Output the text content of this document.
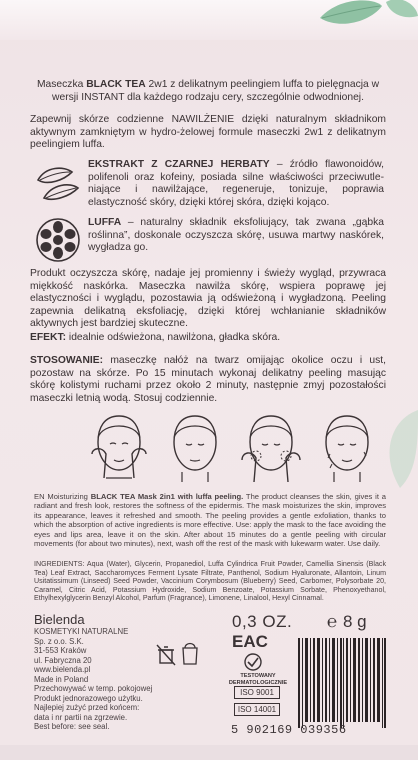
Maseczka BLACK TEA 2w1 z delikatnym peelingiem luffa to pielęgnacja w wersji INSTANT dla każdego rodzaju cery, szczególnie odwodnionej.
Zapewnij skórze codzienne NAWILŻENIE dzięki naturalnym składnikom aktywnym zamkniętym w hydro-żelowej formule maseczki 2w1 z delikatnym peelingiem luffa.
EKSTRAKT Z CZARNEJ HERBATY – źródło flawonoidów, polifenoli oraz kofeiny, posiada silne właściwości przeciwutle-niające i nawilżające, regeneruje, tonizuje, poprawia elastyczność skóry, dzięki której skóra, dzięki kojąco.
LUFFA – naturalny składnik eksfoliujący, tak zwana „gąbka roślinna”, doskonale oczyszcza skórę, usuwa martwy naskórek, wygładza go.
Produkt oczyszcza skórę, nadaje jej promienny i świeży wygląd, przywraca miękkość naskórka. Maseczka nawilża skórę, wspiera poprawę jej elastyczności i wyglądu, pozostawia ją odświeżoną i wygładzoną. Peeling zapewnia delikatną eksfoliację, dzięki której wchłanianie składników aktywnych jest bardziej skuteczne.
EFEKT: idealnie odświeżona, nawilżona, gładka skóra.
STOSOWANIE: maseczkę nałóż na twarz omijając okolice oczu i ust, pozostaw na skórze. Po 15 minutach wykonaj delikatny peeling masując skórę kolistymi ruchami przez około 2 minuty, następnie zmyj pozostałości maseczki letnią wodą. Stosuj codziennie.
EN Moisturizing BLACK TEA Mask 2in1 with luffa peeling. The product cleanses the skin, gives it a radiant and fresh look, restores the softness of the epidermis. The mask moisturizes the skin, improves its appearance, leaves it refreshed and smooth. The peeling provides a gentle exfoliation, thanks to which the absorption of active ingredients is more effective. Use: apply the mask to the face avoiding the eyes and lips area, leave it on the skin. After about 15 minutes do a gentle peeling with circular movements (for about two minutes), next, wash off the rest of the mask with lukewarm water. Use daily.
INGREDIENTS: Aqua (Water), Glycerin, Propanediol, Luffa Cylindrica Fruit Powder, Camellia Sinensis (Black Tea) Leaf Extract, Saccharomyces Ferment Lysate Filtrate, Panthenol, Sodium Hyaluronate, Allantoin, Linum Usitatissimum (Linseed) Seed Powder, Vaccinium Corymbosum (Blueberry) Seed, Carbomer, Polysorbate 20, Caramel, Citric Acid, Potassium Hydroxide, Sodium Benzoate, Potassium Sorbate, Phenoxyethanol, Ethylhexylglycerin Benzyl Alcohol, Parfum (Fragrance), Limonene, Linalool, Hexyl Cinnamal.
Bielenda
KOSMETYKI NATURALNE
Sp. z o.o. S.K.
31-553 Kraków
ul. Fabryczna 20
www.bielenda.pl
Made in Poland
Przechowywać w temp. pokojowej
Produkt jednorazowego użytku.
Najlepiej zużyć przed końcem:
data i nr partii na zgrzewie.
Best before: see seal.
0,3 OZ. ℮ 8 g
EAC
TESTOWANY DERMATOLOGICZNIE
ISO 9001
ISO 14001
5 902169 039356
